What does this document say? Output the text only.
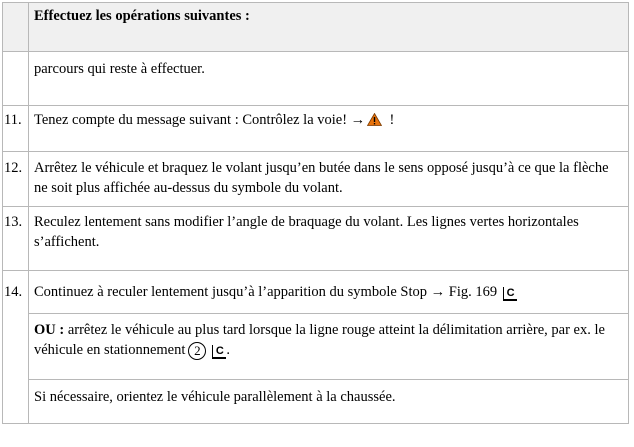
	Effectuez les opérations suivantes :
	parcours qui reste à effectuer.
11.	Tenez compte du message suivant : Contrôlez la voie! → !
12.	Arrêtez le véhicule et braquez le volant jusqu’en butée dans le sens opposé jusqu’à ce que la flèche ne soit plus affichée au-dessus du symbole du volant.
13.	Reculez lentement sans modifier l’angle de braquage du volant. Les lignes vertes horizontales s’affichent.
14.	Continuez à reculer lentement jusqu’à l’apparition du symbole Stop → Fig. 169 C
	OU : arrêtez le véhicule au plus tard lorsque la ligne rouge atteint la délimitation arrière, par ex. le véhicule en stationnement 2 C .
	Si nécessaire, orientez le véhicule parallèlement à la chaussée.
